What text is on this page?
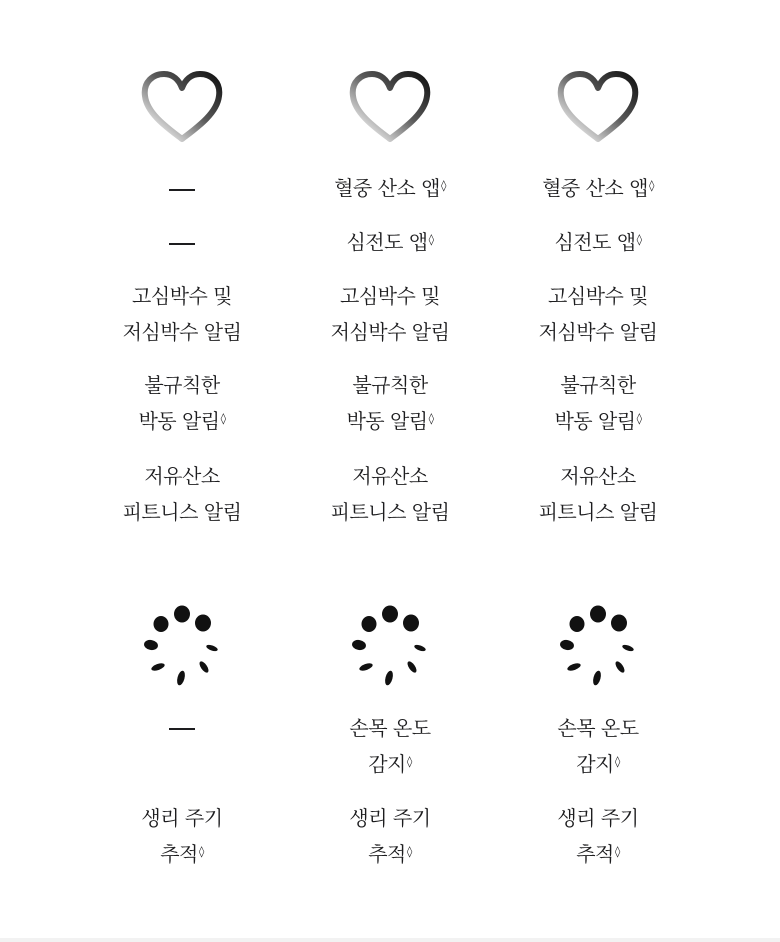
고심박수 및
저심박수 알림
불규칙한
박동 알림◊
저유산소
피트니스 알림
생리 주기
추적◊
혈중 산소 앱◊
심전도 앱◊
고심박수 및
저심박수 알림
불규칙한
박동 알림◊
저유산소
피트니스 알림
손목 온도
감지◊
생리 주기
추적◊
혈중 산소 앱◊
심전도 앱◊
고심박수 및
저심박수 알림
불규칙한
박동 알림◊
저유산소
피트니스 알림
손목 온도
감지◊
생리 주기
추적◊
